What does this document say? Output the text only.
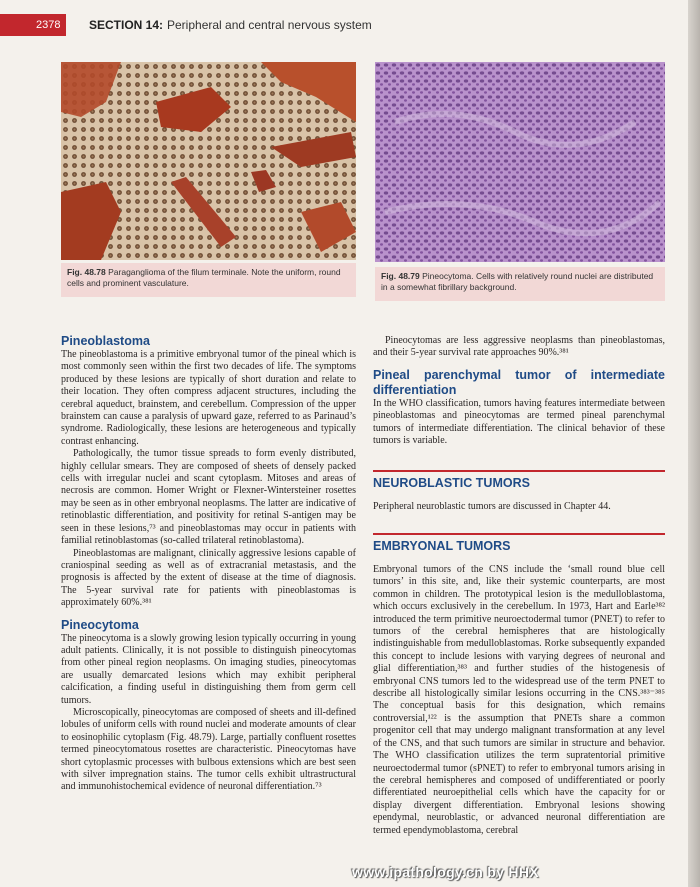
2378	SECTION 14: Peripheral and central nervous system
Fig. 48.78 Paraganglioma of the filum terminale. Note the uniform, round cells and prominent vasculature.
Fig. 48.79 Pineocytoma. Cells with relatively round nuclei are distributed in a somewhat fibrillary background.
Pineoblastoma

The pineoblastoma is a primitive embryonal tumor of the pineal which is most commonly seen within the first two decades of life. The symptoms produced by these lesions are typically of short duration and relate to their location. They often compress adjacent structures, including the cerebral aqueduct, brainstem, and cerebellum. Compression of the upper brainstem can cause a paralysis of upward gaze, referred to as Parinaud’s syndrome. Radiologically, these lesions are heterogeneous and typically contrast enhancing.

Pathologically, the tumor tissue spreads to form evenly distributed, highly cellular smears. They are composed of sheets of densely packed cells with irregular nuclei and scant cytoplasm. Mitoses and areas of necrosis are common. Homer Wright or Flexner-Wintersteiner rosettes may be seen as in other embryonal neoplasms. The latter are indicative of retinoblastic differentiation, and positivity for retinal S-antigen may be seen in these lesions,⁷³ and pineoblastomas may occur in patients with familial retinoblastomas (so-called trilateral retinoblastoma).

Pineoblastomas are malignant, clinically aggressive lesions capable of craniospinal seeding as well as of extracranial metastasis, and the prognosis is affected by the extent of disease at the time of diagnosis. The 5-year survival rate for patients with pineoblastomas is approximately 60%.³⁸¹

Pineocytoma

The pineocytoma is a slowly growing lesion typically occurring in young adult patients. Clinically, it is not possible to distinguish pineocytomas from other pineal region neoplasms. On imaging studies, pineocytomas are usually demarcated lesions which may exhibit peripheral calcification, a finding useful in distinguishing them from germ cell tumors.

Microscopically, pineocytomas are composed of sheets and ill-defined lobules of uniform cells with round nuclei and moderate amounts of clear to eosinophilic cytoplasm (Fig. 48.79). Large, partially confluent rosettes termed pineocytomatous rosettes are characteristic. Pineocytomas have short cytoplasmic processes with bulbous extensions which are best seen with silver impregnation stains. The tumor cells exhibit ultrastructural and immunohistochemical evidence of neuronal differentiation.⁷³

Pineocytomas are less aggressive neoplasms than pineoblastomas, and their 5-year survival rate approaches 90%.³⁸¹

Pineal parenchymal tumor of intermediate differentiation

In the WHO classification, tumors having features intermediate between pineoblastomas and pineocytomas are termed pineal parenchymal tumors of intermediate differentiation. The clinical behavior of these tumors is variable.

NEUROBLASTIC TUMORS

Peripheral neuroblastic tumors are discussed in Chapter 44.

EMBRYONAL TUMORS

Embryonal tumors of the CNS include the ‘small round blue cell tumors’ in this site, and, like their systemic counterparts, are most common in children. The prototypical lesion is the medulloblastoma, which occurs exclusively in the cerebellum. In 1973, Hart and Earle³⁸² introduced the term primitive neuroectodermal tumor (PNET) to refer to tumors of the cerebral hemispheres that are histologically indistinguishable from medulloblastomas. Rorke subsequently expanded this concept to include lesions with varying degrees of neuronal and glial differentiation,³⁸³ and further studies of the histogenesis of embryonal CNS tumors led to the widespread use of the term PNET to describe all histologically similar lesions occurring in the CNS.³⁸³⁻³⁸⁵ The conceptual basis for this designation, which remains controversial,¹²² is the assumption that PNETs share a common progenitor cell that may undergo malignant transformation at any level of the CNS, and that such tumors are similar in structure and behavior. The WHO classification utilizes the term supratentorial primitive neuroectodermal tumor (sPNET) to refer to embryonal tumors arising in the cerebral hemispheres and composed of undifferentiated or poorly differentiated neuroepithelial cells which have the capacity for or display divergent differentiation. Embryonal lesions showing ependymal, neuroblastic, or advanced neuronal differentiation are termed ependymoblastoma, cerebral

www.ipathology.cn by HHX
